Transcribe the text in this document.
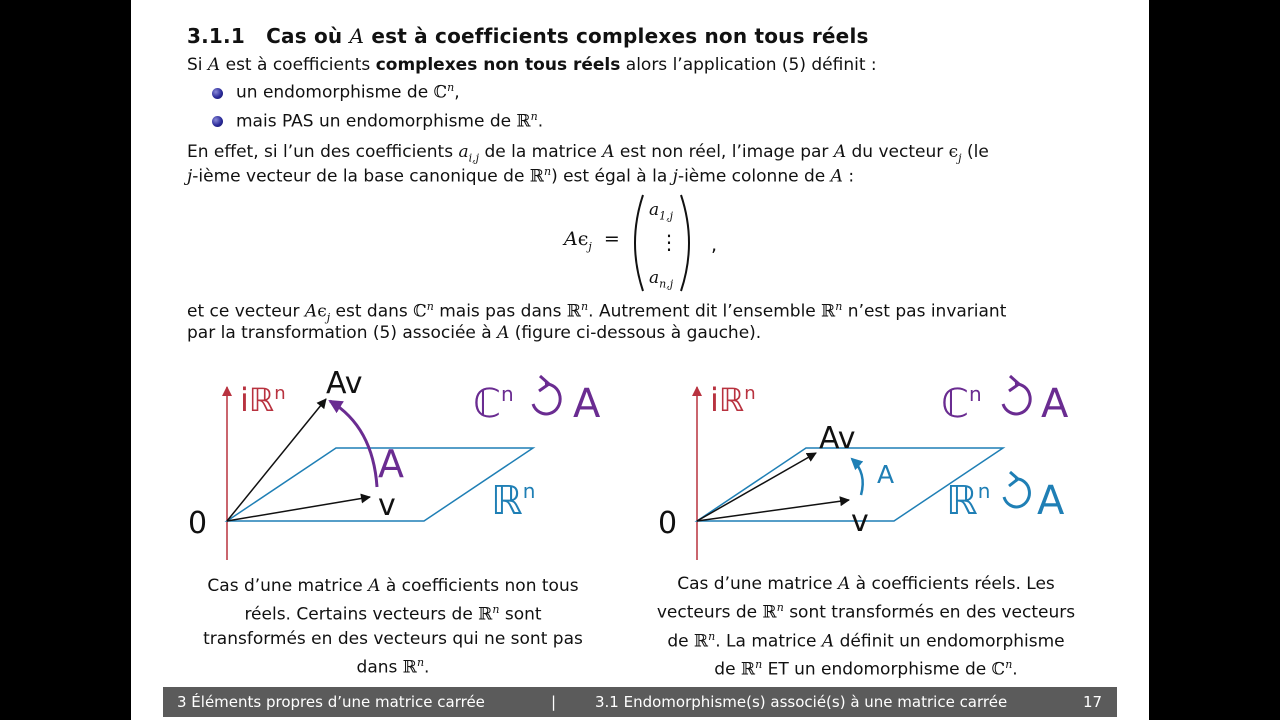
3.1.1 Cas où A est à coefficients complexes non tous réels
Si A est à coefficients complexes non tous réels alors l’application (5) définit :
un endomorphisme de ℂ$^n$,
mais PAS un endomorphisme de ℝ$^n$.
En effet, si l’un des coefficients $a_{i,j}$ de la matrice A est non réel, l’image par A du vecteur $\epsilon_j$ (le
j-ième vecteur de la base canonique de ℝ$^n$) est égal à la j-ième colonne de A :
$A\epsilon_j$ =
$a_{1,j}$
⋮
$a_{n,j}$
,
et ce vecteur $A\epsilon_j$ est dans ℂ$^n$ mais pas dans ℝ$^n$. Autrement dit l’ensemble ℝ$^n$ n’est pas invariant
par la transformation (5) associée à A (figure ci-dessous à gauche).
iℝ$^n$
0
Av
v
A
ℝ$^n$
ℂ$^n$ A	iℝ$^n$
0
Av
v
A
ℝ$^n$ A
ℂ$^n$ A
Cas d’une matrice A à coefficients non tous
réels. Certains vecteurs de ℝ$^n$ sont
transformés en des vecteurs qui ne sont pas
dans ℝ$^n$.
Cas d’une matrice A à coefficients réels. Les
vecteurs de ℝ$^n$ sont transformés en des vecteurs
de ℝ$^n$. La matrice A définit un endomorphisme
de ℝ$^n$ ET un endomorphisme de ℂ$^n$.
3 Éléments propres d’une matrice carrée	|	3.1 Endomorphisme(s) associé(s) à une matrice carrée	17
